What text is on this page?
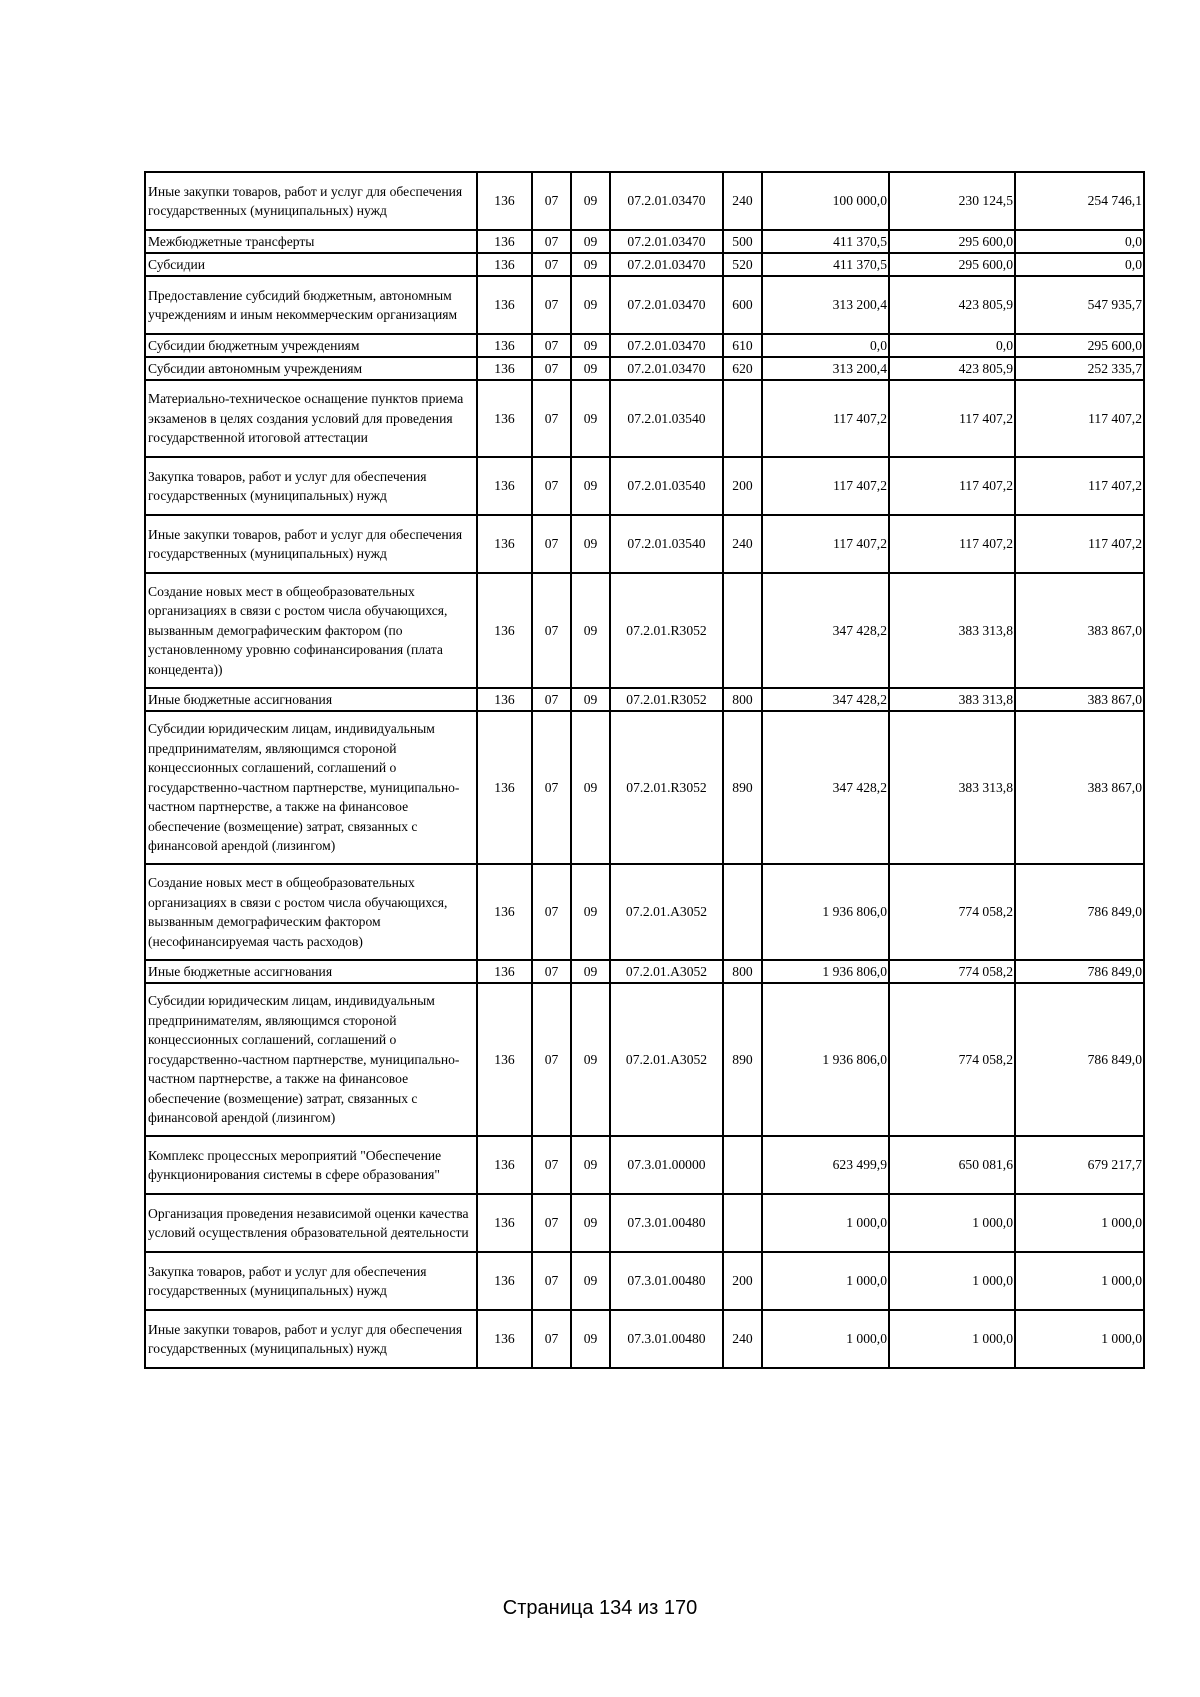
Иные закупки товаров, работ и услуг для обеспечения государственных (муниципальных) нужд	136	07	09	07.2.01.03470	240	100 000,0	230 124,5	254 746,1
Межбюджетные трансферты	136	07	09	07.2.01.03470	500	411 370,5	295 600,0	0,0
Субсидии	136	07	09	07.2.01.03470	520	411 370,5	295 600,0	0,0
Предоставление субсидий бюджетным, автономным учреждениям и иным некоммерческим организациям	136	07	09	07.2.01.03470	600	313 200,4	423 805,9	547 935,7
Субсидии бюджетным учреждениям	136	07	09	07.2.01.03470	610	0,0	0,0	295 600,0
Субсидии автономным учреждениям	136	07	09	07.2.01.03470	620	313 200,4	423 805,9	252 335,7
Материально-техническое оснащение пунктов приема экзаменов в целях создания условий для проведения государственной итоговой аттестации	136	07	09	07.2.01.03540		117 407,2	117 407,2	117 407,2
Закупка товаров, работ и услуг для обеспечения государственных (муниципальных) нужд	136	07	09	07.2.01.03540	200	117 407,2	117 407,2	117 407,2
Иные закупки товаров, работ и услуг для обеспечения государственных (муниципальных) нужд	136	07	09	07.2.01.03540	240	117 407,2	117 407,2	117 407,2
Создание новых мест в общеобразовательных организациях в связи с ростом числа обучающихся, вызванным демографическим фактором (по установленному уровню софинансирования (плата концедента))	136	07	09	07.2.01.R3052		347 428,2	383 313,8	383 867,0
Иные бюджетные ассигнования	136	07	09	07.2.01.R3052	800	347 428,2	383 313,8	383 867,0
Субсидии юридическим лицам, индивидуальным предпринимателям, являющимся стороной концессионных соглашений, соглашений о государственно-частном партнерстве, муниципально-частном партнерстве, а также на финансовое обеспечение (возмещение) затрат, связанных с финансовой арендой (лизингом)	136	07	09	07.2.01.R3052	890	347 428,2	383 313,8	383 867,0
Создание новых мест в общеобразовательных организациях в связи с ростом числа обучающихся, вызванным демографическим фактором (несофинансируемая часть расходов)	136	07	09	07.2.01.А3052		1 936 806,0	774 058,2	786 849,0
Иные бюджетные ассигнования	136	07	09	07.2.01.А3052	800	1 936 806,0	774 058,2	786 849,0
Субсидии юридическим лицам, индивидуальным предпринимателям, являющимся стороной концессионных соглашений, соглашений о государственно-частном партнерстве, муниципально-частном партнерстве, а также на финансовое обеспечение (возмещение) затрат, связанных с финансовой арендой (лизингом)	136	07	09	07.2.01.А3052	890	1 936 806,0	774 058,2	786 849,0
Комплекс процессных мероприятий "Обеспечение функционирования системы в сфере образования"	136	07	09	07.3.01.00000		623 499,9	650 081,6	679 217,7
Организация проведения независимой оценки качества условий осуществления образовательной деятельности	136	07	09	07.3.01.00480		1 000,0	1 000,0	1 000,0
Закупка товаров, работ и услуг для обеспечения государственных (муниципальных) нужд	136	07	09	07.3.01.00480	200	1 000,0	1 000,0	1 000,0
Иные закупки товаров, работ и услуг для обеспечения государственных (муниципальных) нужд	136	07	09	07.3.01.00480	240	1 000,0	1 000,0	1 000,0
Страница 134 из 170
